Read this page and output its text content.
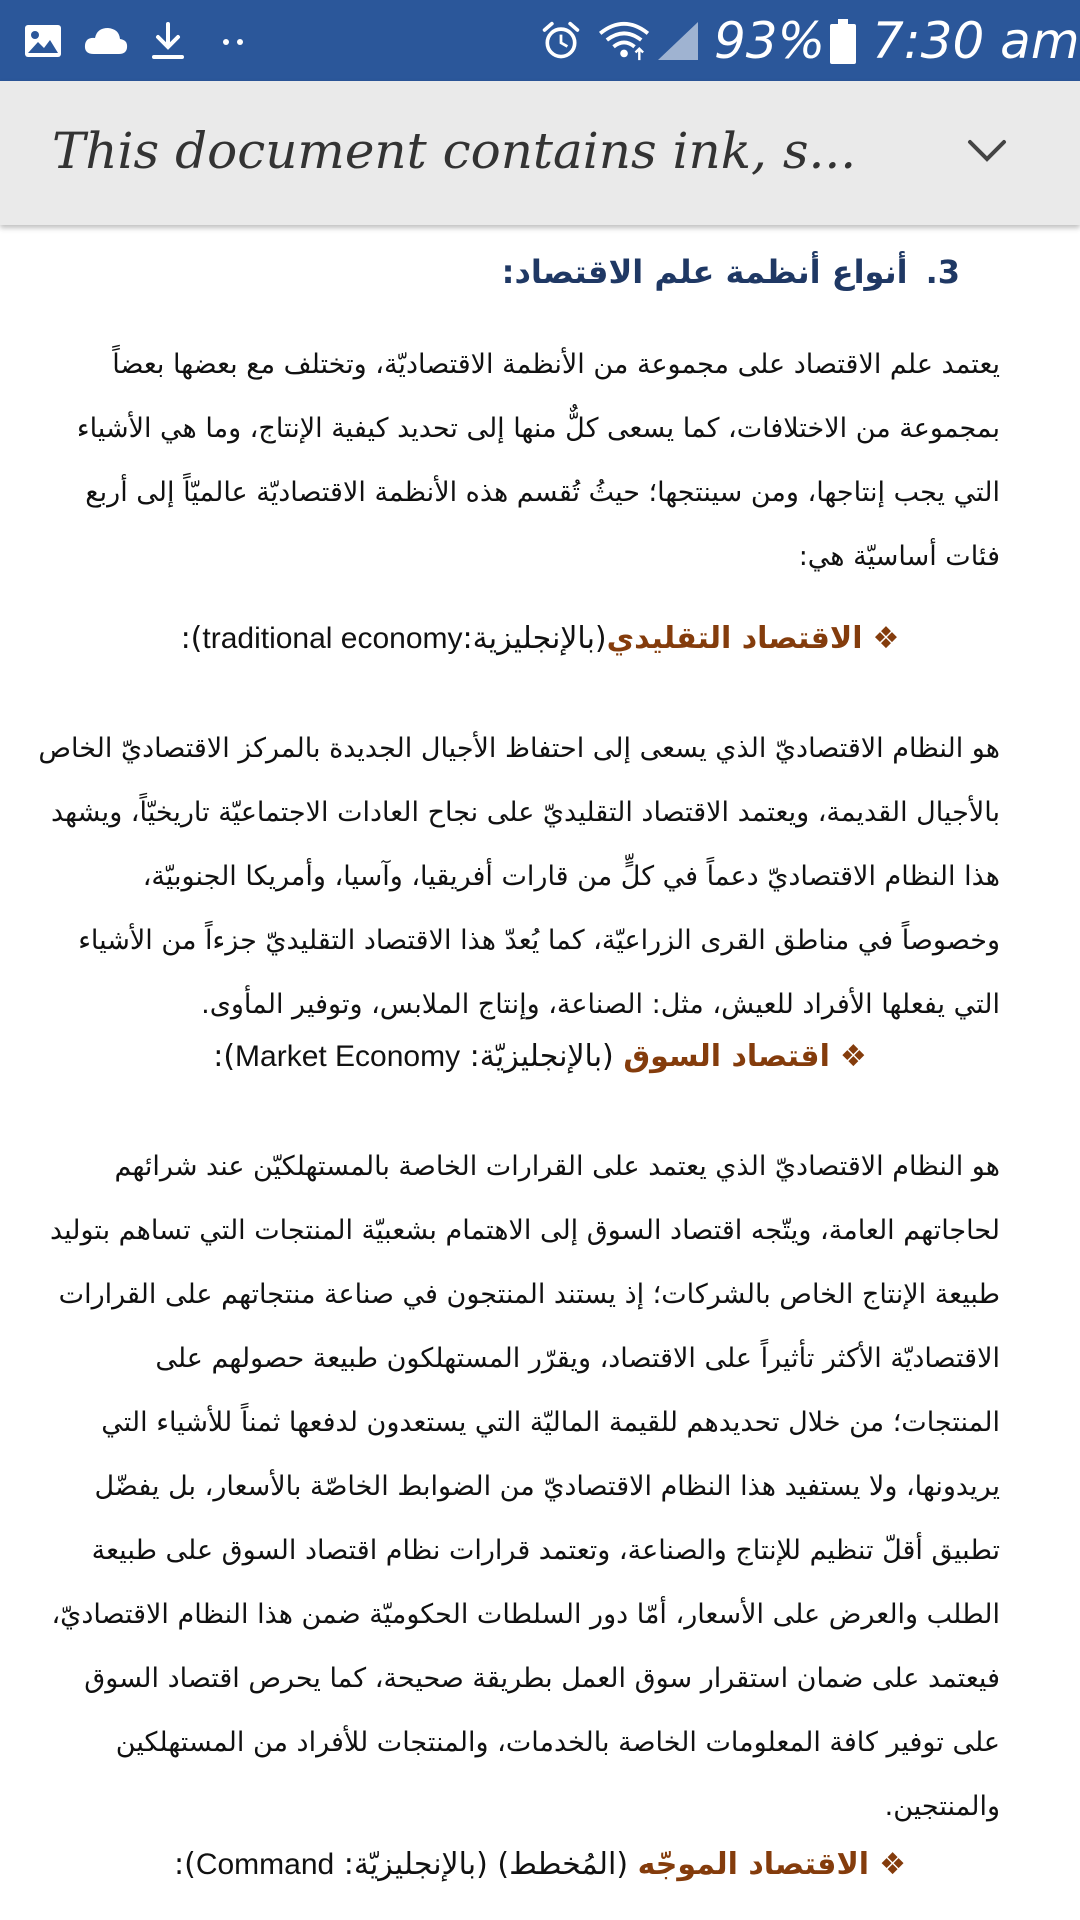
93% 7:30 am
This document contains ink, s...
3.أنواع أنظمة علم الاقتصاد:
يعتمد علم الاقتصاد على مجموعة من الأنظمة الاقتصاديّة، وتختلف مع بعضها بعضاً
بمجموعة من الاختلافات، كما يسعى كلٌّ منها إلى تحديد كيفية الإنتاج، وما هي الأشياء
التي يجب إنتاجها، ومن سينتجها؛ حيثُ تُقسم هذه الأنظمة الاقتصاديّة عالميّاً إلى أربع
فئات أساسيّة هي:
❖الاقتصاد التقليدي(بالإنجليزية:traditional economy):
هو النظام الاقتصاديّ الذي يسعى إلى احتفاظ الأجيال الجديدة بالمركز الاقتصاديّ الخاص
بالأجيال القديمة، ويعتمد الاقتصاد التقليديّ على نجاح العادات الاجتماعيّة تاريخيّاً، ويشهد
هذا النظام الاقتصاديّ دعماً في كلٍّ من قارات أفريقيا، وآسيا، وأمريكا الجنوبيّة،
وخصوصاً في مناطق القرى الزراعيّة، كما يُعدّ هذا الاقتصاد التقليديّ جزءاً من الأشياء
التي يفعلها الأفراد للعيش، مثل: الصناعة، وإنتاج الملابس، وتوفير المأوى.
❖اقتصاد السوق (بالإنجليزيّة: Market Economy):
هو النظام الاقتصاديّ الذي يعتمد على القرارات الخاصة بالمستهلكيّن عند شرائهم
لحاجاتهم العامة، ويتّجه اقتصاد السوق إلى الاهتمام بشعبيّة المنتجات التي تساهم بتوليد
طبيعة الإنتاج الخاص بالشركات؛ إذ يستند المنتجون في صناعة منتجاتهم على القرارات
الاقتصاديّة الأكثر تأثيراً على الاقتصاد، ويقرّر المستهلكون طبيعة حصولهم على
المنتجات؛ من خلال تحديدهم للقيمة الماليّة التي يستعدون لدفعها ثمناً للأشياء التي
يريدونها، ولا يستفيد هذا النظام الاقتصاديّ من الضوابط الخاصّة بالأسعار، بل يفضّل
تطبيق أقلّ تنظيم للإنتاج والصناعة، وتعتمد قرارات نظام اقتصاد السوق على طبيعة
الطلب والعرض على الأسعار، أمّا دور السلطات الحكوميّة ضمن هذا النظام الاقتصاديّ،
فيعتمد على ضمان استقرار سوق العمل بطريقة صحيحة، كما يحرص اقتصاد السوق
على توفير كافة المعلومات الخاصة بالخدمات، والمنتجات للأفراد من المستهلكين
والمنتجين.
❖الاقتصاد الموجّه (المُخطط) (بالإنجليزيّة: Command):
